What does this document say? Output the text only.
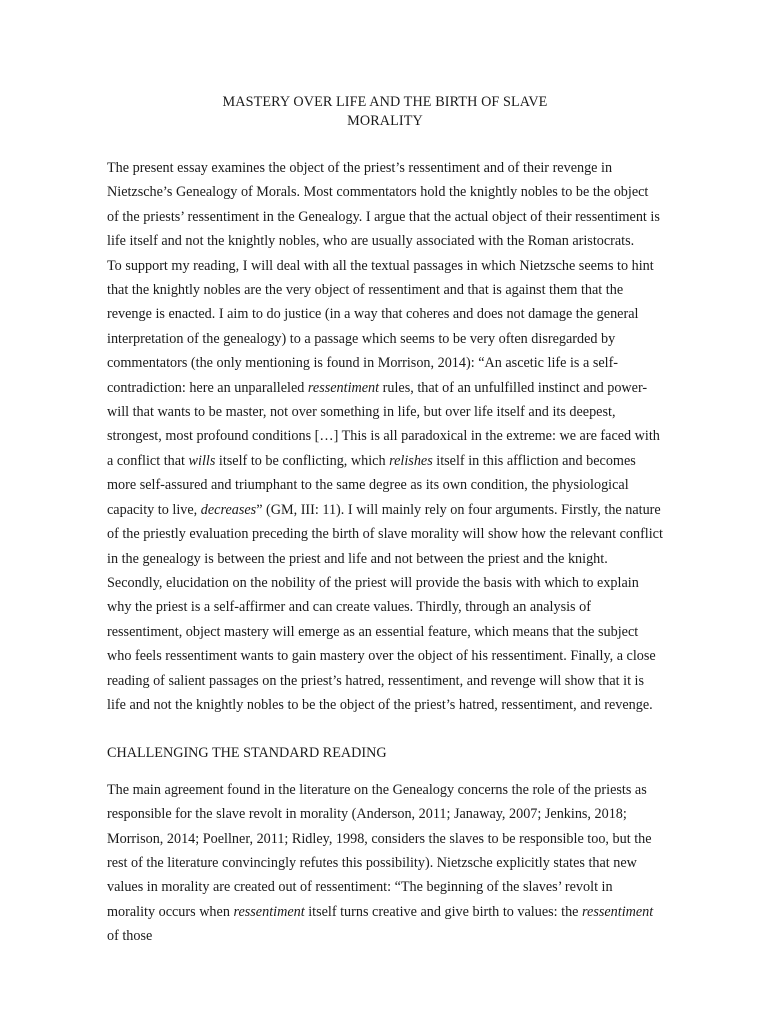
MASTERY OVER LIFE AND THE BIRTH OF SLAVE
MORALITY

The present essay examines the object of the priest’s ressentiment and of their revenge in Nietzsche’s Genealogy of Morals. Most commentators hold the knightly nobles to be the object of the priests’ ressentiment in the Genealogy. I argue that the actual object of their ressentiment is life itself and not the knightly nobles, who are usually associated with the Roman aristocrats.

To support my reading, I will deal with all the textual passages in which Nietzsche seems to hint that the knightly nobles are the very object of ressentiment and that is against them that the revenge is enacted. I aim to do justice (in a way that coheres and does not damage the general interpretation of the genealogy) to a passage which seems to be very often disregarded by commentators (the only mentioning is found in Morrison, 2014): “An ascetic life is a self-contradiction: here an unparalleled ressentiment rules, that of an unfulfilled instinct and power-will that wants to be master, not over something in life, but over life itself and its deepest, strongest, most profound conditions […] This is all paradoxical in the extreme: we are faced with a conflict that wills itself to be conflicting, which relishes itself in this affliction and becomes more self-assured and triumphant to the same degree as its own condition, the physiological capacity to live, decreases” (GM, III: 11). I will mainly rely on four arguments. Firstly, the nature of the priestly evaluation preceding the birth of slave morality will show how the relevant conflict in the genealogy is between the priest and life and not between the priest and the knight. Secondly, elucidation on the nobility of the priest will provide the basis with which to explain why the priest is a self-affirmer and can create values. Thirdly, through an analysis of ressentiment, object mastery will emerge as an essential feature, which means that the subject who feels ressentiment wants to gain mastery over the object of his ressentiment. Finally, a close reading of salient passages on the priest’s hatred, ressentiment, and revenge will show that it is life and not the knightly nobles to be the object of the priest’s hatred, ressentiment, and revenge.

CHALLENGING THE STANDARD READING

The main agreement found in the literature on the Genealogy concerns the role of the priests as responsible for the slave revolt in morality (Anderson, 2011; Janaway, 2007; Jenkins, 2018; Morrison, 2014; Poellner, 2011; Ridley, 1998, considers the slaves to be responsible too, but the rest of the literature convincingly refutes this possibility). Nietzsche explicitly states that new values in morality are created out of ressentiment: “The beginning of the slaves’ revolt in morality occurs when ressentiment itself turns creative and give birth to values: the ressentiment of those
